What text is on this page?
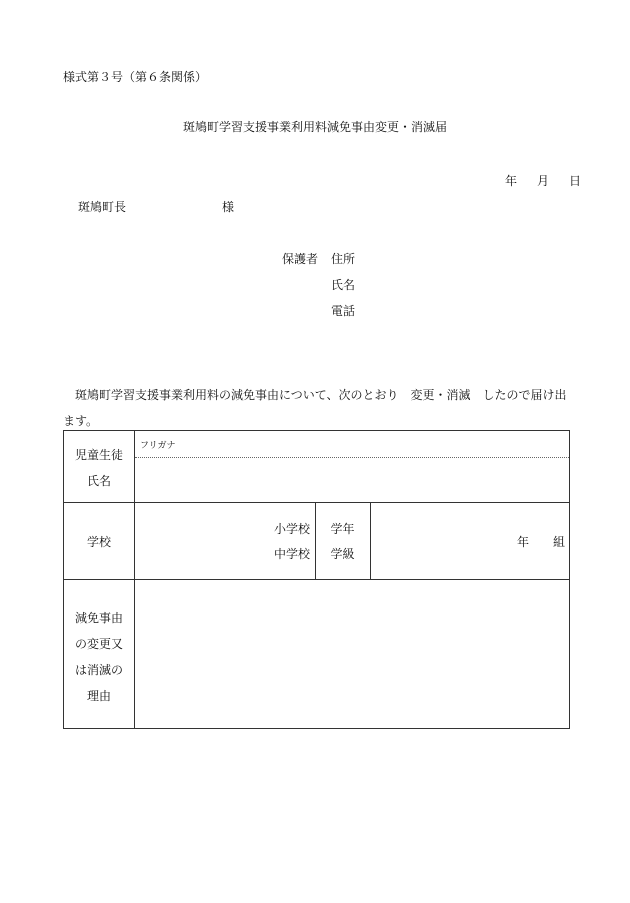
様式第３号（第６条関係）
斑鳩町学習支援事業利用料減免事由変更・消滅届
年 月 日
斑鳩町長	様
保護者 住所
氏名
電話
斑鳩町学習支援事業利用料の減免事由について、次のとおり 変更・消滅 したので届け出ます。
児童生徒
氏名
フリガナ
学校
小学校
中学校
学年
学級
年 組
減免事由
の変更又
は消滅の
理由
